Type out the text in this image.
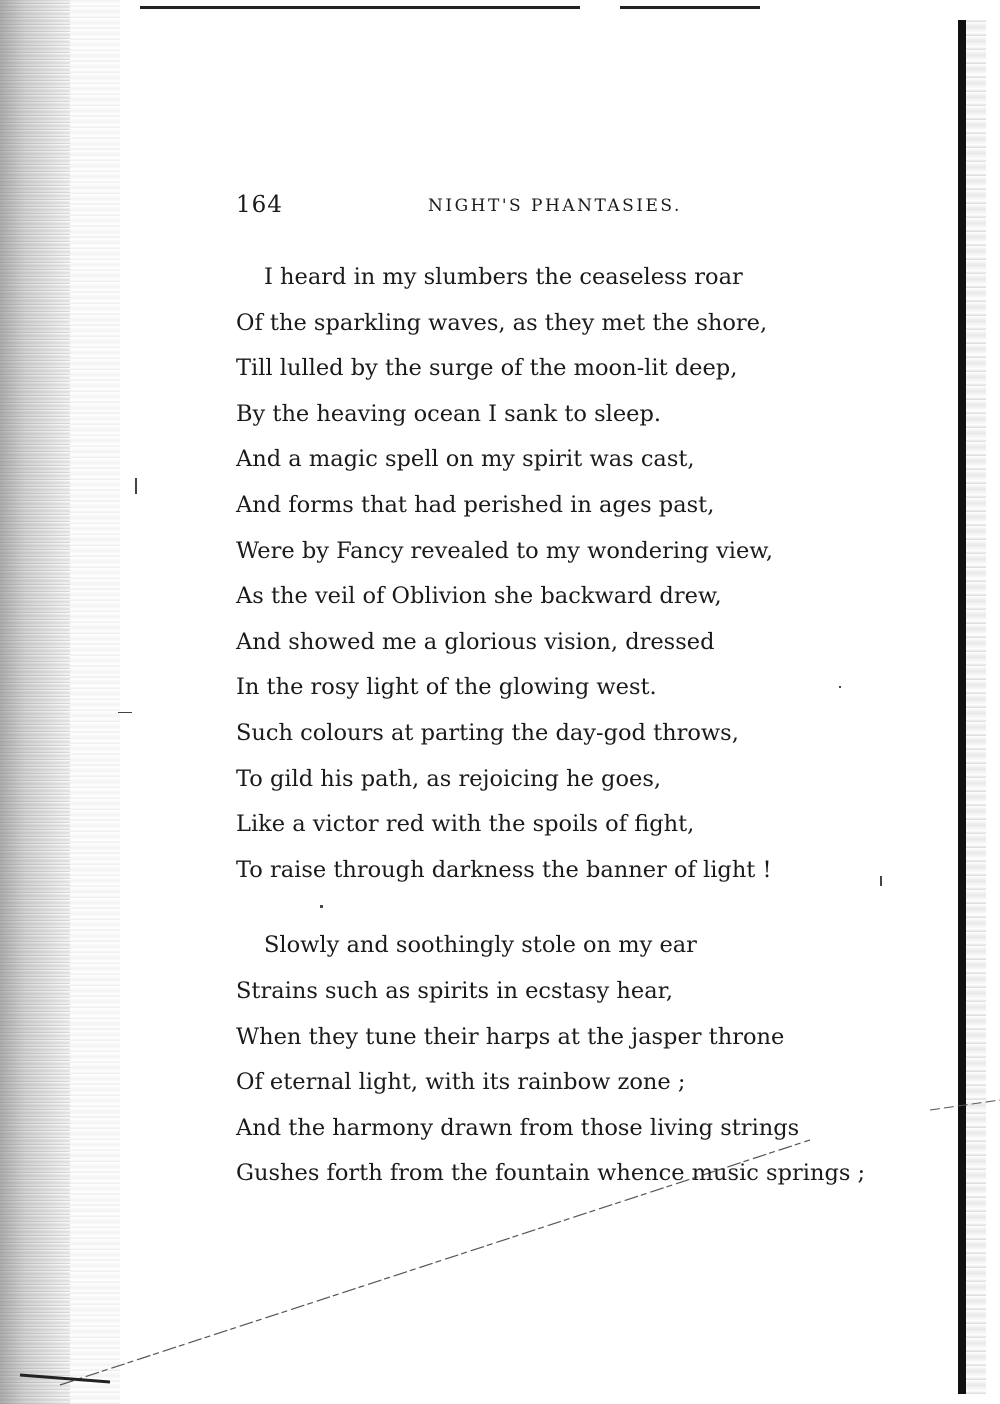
164	NIGHT'S PHANTASIES.
I heard in my slumbers the ceaseless roar
Of the sparkling waves, as they met the shore,
Till lulled by the surge of the moon-lit deep,
By the heaving ocean I sank to sleep.
And a magic spell on my spirit was cast,
And forms that had perished in ages past,
Were by Fancy revealed to my wondering view,
As the veil of Oblivion she backward drew,
And showed me a glorious vision, dressed
In the rosy light of the glowing west.
Such colours at parting the day-god throws,
To gild his path, as rejoicing he goes,
Like a victor red with the spoils of fight,
To raise through darkness the banner of light !
Slowly and soothingly stole on my ear
Strains such as spirits in ecstasy hear,
When they tune their harps at the jasper throne
Of eternal light, with its rainbow zone ;
And the harmony drawn from those living strings
Gushes forth from the fountain whence music springs ;
